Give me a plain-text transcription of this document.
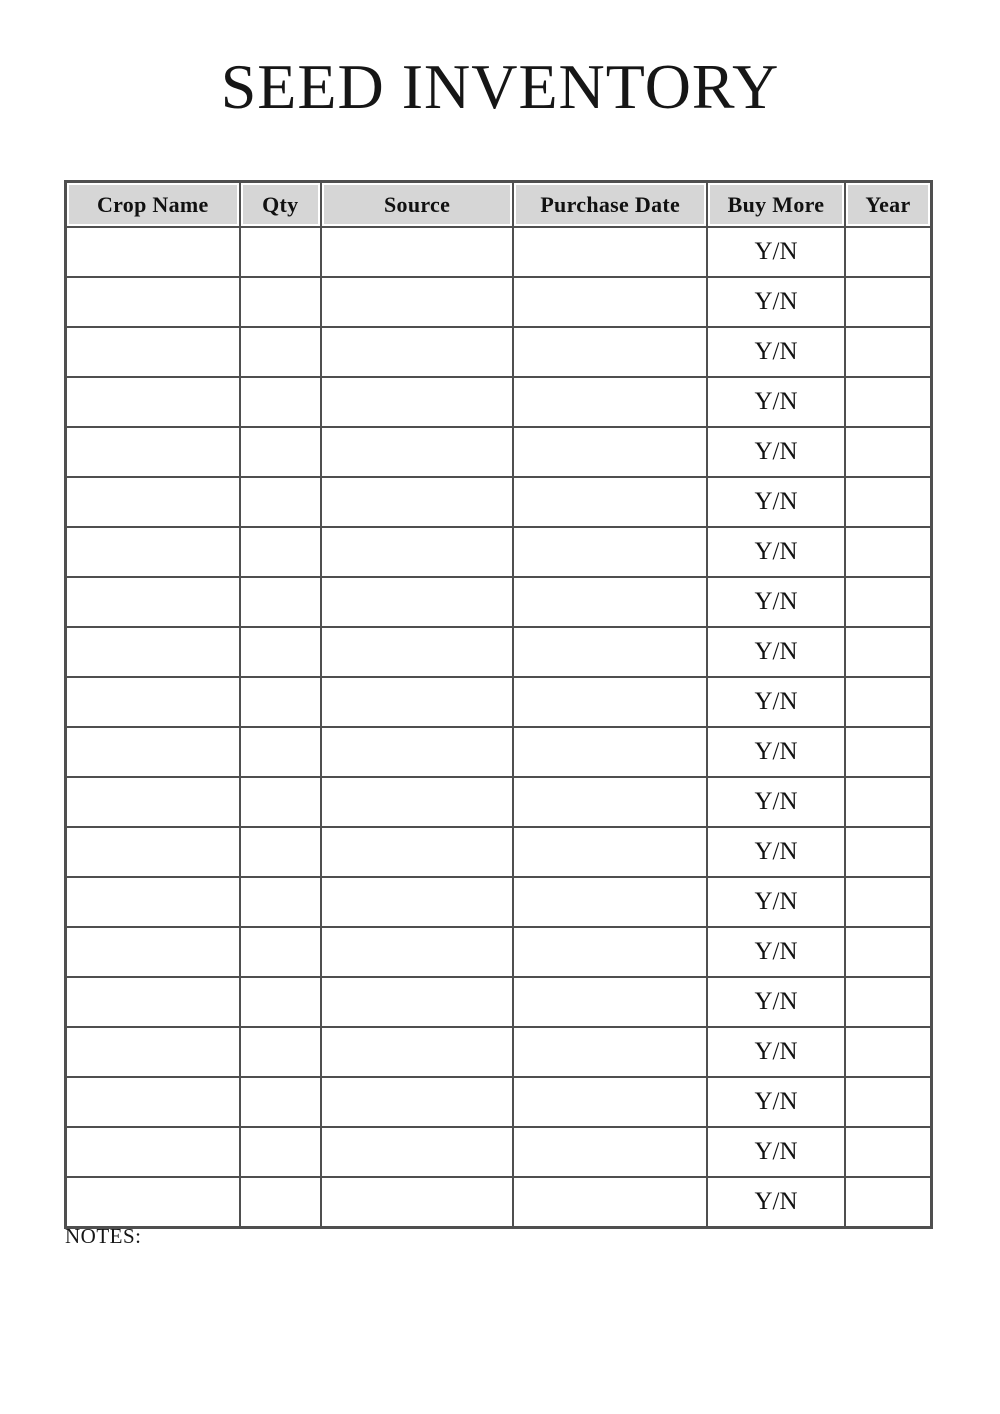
SEED INVENTORY
Crop Name	Qty	Source	Purchase Date	Buy More	Year

				Y/N	
				Y/N	
				Y/N	
				Y/N	
				Y/N	
				Y/N	
				Y/N	
				Y/N	
				Y/N	
				Y/N	
				Y/N	
				Y/N	
				Y/N	
				Y/N	
				Y/N	
				Y/N	
				Y/N	
				Y/N	
				Y/N	
				Y/N	
NOTES:
